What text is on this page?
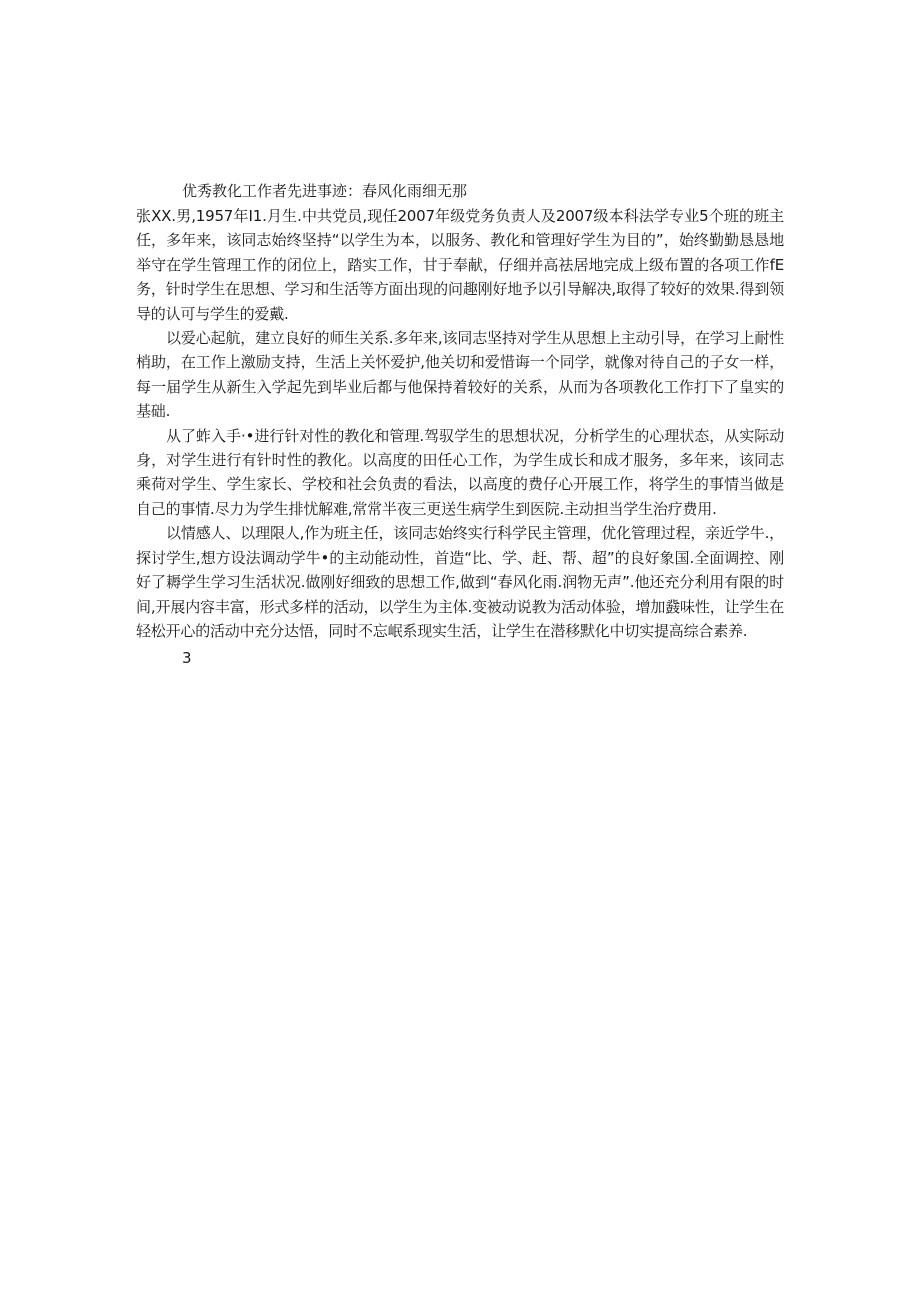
优秀教化工作者先进事迹：春风化雨细无那

张XX.男,1957年I1.月生.中共党员,现任2007年级党务负责人及2007级本科法学专业5个班的班主任，多年来，该同志始终坚持“以学生为本，以服务、教化和管理好学生为目的”，始终勤勤恳恳地举守在学生管理工作的闭位上，踏实工作，甘于奉献，仔细并高祛居地完成上级布置的各项工作fE务，针时学生在思想、学习和生活等方面出现的问趣刚好地予以引导解决,取得了较好的效果.得到领导的认可与学生的爱戴.

以爱心起航，建立良好的师生关系.多年来,该同志坚持对学生从思想上主动引导，在学习上耐性梢助，在工作上激励支持，生活上关怀爱护,他关切和爱惜诲一个同学，就像对待自己的子女一样，每一届学生从新生入学起先到毕业后都与他保持着较好的关系，从而为各项教化工作打下了皇实的基础.

从了蚱入手·•进行针对性的教化和管理.驾驭学生的思想状况，分析学生的心理状态，从实际动身，对学生进行有针时性的教化。以高度的田任心工作，为学生成长和成才服务，多年来，该同志乘荷对学生、学生家长、学校和社会负责的看法，以高度的费仔心开展工作，将学生的事情当做是自己的事情.尽力为学生排忧解难,常常半夜三更送生病学生到医院.主动担当学生治疗费用.

以情感人、以理限人,作为班主任，该同志始终实行科学民主管理，优化管理过程，亲近学牛.，探讨学生,想方设法调动学牛•的主动能动性，首造“比、学、赶、帮、超”的良好象国.全面调控、刚好了耨学生学习生活状况.做刚好细致的思想工作,做到“春风化雨.润物无声”.他还充分利用有限的时间,开展内容丰富，形式多样的活动，以学生为主体.变被动说教为活动体验，增加鼗味性，让学生在轻松开心的活动中充分达悟，同时不忘岷系现实生活，让学生在潜移默化中切实提高综合素养.

3
